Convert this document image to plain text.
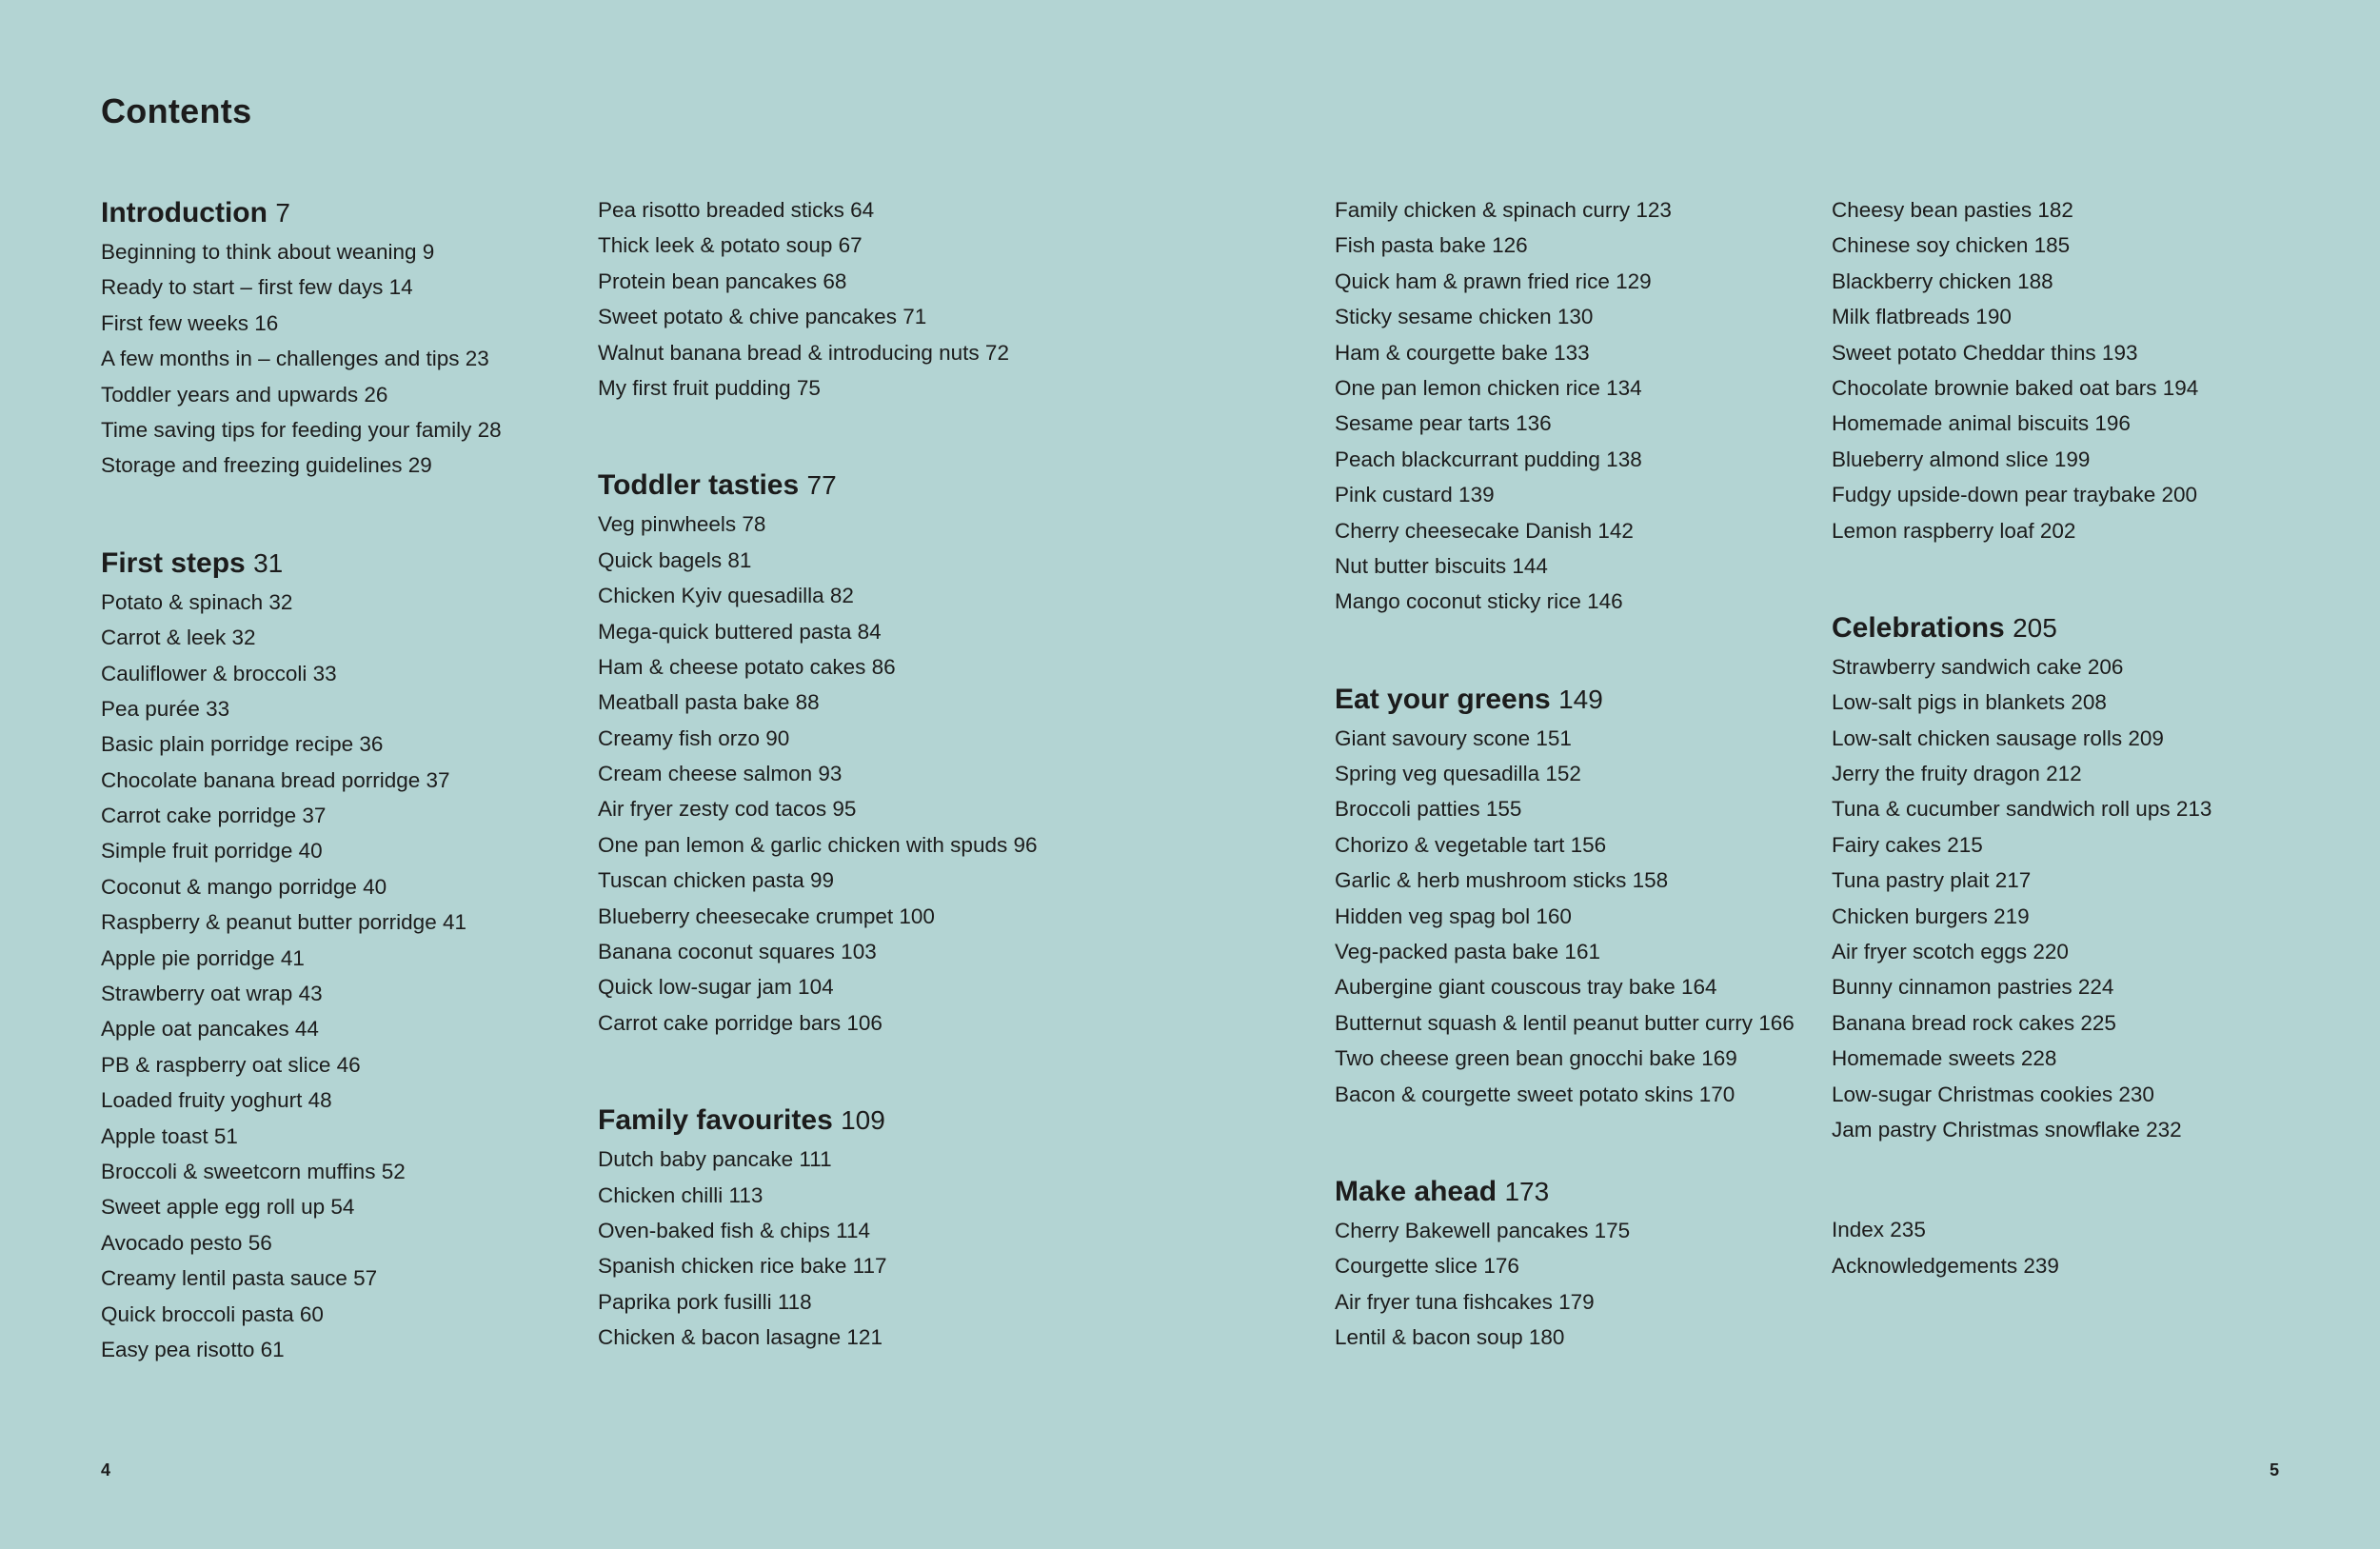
Contents
Introduction 7
Beginning to think about weaning 9
Ready to start – first few days 14
First few weeks 16
A few months in – challenges and tips 23
Toddler years and upwards 26
Time saving tips for feeding your family 28
Storage and freezing guidelines 29
First steps 31
Potato & spinach 32
Carrot & leek 32
Cauliflower & broccoli 33
Pea purée 33
Basic plain porridge recipe 36
Chocolate banana bread porridge 37
Carrot cake porridge 37
Simple fruit porridge 40
Coconut & mango porridge 40
Raspberry & peanut butter porridge 41
Apple pie porridge 41
Strawberry oat wrap 43
Apple oat pancakes 44
PB & raspberry oat slice 46
Loaded fruity yoghurt 48
Apple toast 51
Broccoli & sweetcorn muffins 52
Sweet apple egg roll up 54
Avocado pesto 56
Creamy lentil pasta sauce 57
Quick broccoli pasta 60
Easy pea risotto 61
Pea risotto breaded sticks 64
Thick leek & potato soup 67
Protein bean pancakes 68
Sweet potato & chive pancakes 71
Walnut banana bread & introducing nuts 72
My first fruit pudding 75
Toddler tasties 77
Veg pinwheels 78
Quick bagels 81
Chicken Kyiv quesadilla 82
Mega-quick buttered pasta 84
Ham & cheese potato cakes 86
Meatball pasta bake 88
Creamy fish orzo 90
Cream cheese salmon 93
Air fryer zesty cod tacos 95
One pan lemon & garlic chicken with spuds 96
Tuscan chicken pasta 99
Blueberry cheesecake crumpet 100
Banana coconut squares 103
Quick low-sugar jam 104
Carrot cake porridge bars 106
Family favourites 109
Dutch baby pancake 111
Chicken chilli 113
Oven-baked fish & chips 114
Spanish chicken rice bake 117
Paprika pork fusilli 118
Chicken & bacon lasagne 121
Family chicken & spinach curry 123
Fish pasta bake 126
Quick ham & prawn fried rice 129
Sticky sesame chicken 130
Ham & courgette bake 133
One pan lemon chicken rice 134
Sesame pear tarts 136
Peach blackcurrant pudding 138
Pink custard 139
Cherry cheesecake Danish 142
Nut butter biscuits 144
Mango coconut sticky rice 146
Eat your greens 149
Giant savoury scone 151
Spring veg quesadilla 152
Broccoli patties 155
Chorizo & vegetable tart 156
Garlic & herb mushroom sticks 158
Hidden veg spag bol 160
Veg-packed pasta bake 161
Aubergine giant couscous tray bake 164
Butternut squash & lentil peanut butter curry 166
Two cheese green bean gnocchi bake 169
Bacon & courgette sweet potato skins 170
Make ahead 173
Cherry Bakewell pancakes 175
Courgette slice 176
Air fryer tuna fishcakes 179
Lentil & bacon soup 180
Cheesy bean pasties 182
Chinese soy chicken 185
Blackberry chicken 188
Milk flatbreads 190
Sweet potato Cheddar thins 193
Chocolate brownie baked oat bars 194
Homemade animal biscuits 196
Blueberry almond slice 199
Fudgy upside-down pear traybake 200
Lemon raspberry loaf 202
Celebrations 205
Strawberry sandwich cake 206
Low-salt pigs in blankets 208
Low-salt chicken sausage rolls 209
Jerry the fruity dragon 212
Tuna & cucumber sandwich roll ups 213
Fairy cakes 215
Tuna pastry plait 217
Chicken burgers 219
Air fryer scotch eggs 220
Bunny cinnamon pastries 224
Banana bread rock cakes 225
Homemade sweets 228
Low-sugar Christmas cookies 230
Jam pastry Christmas snowflake 232
Index 235
Acknowledgements 239
4	5
